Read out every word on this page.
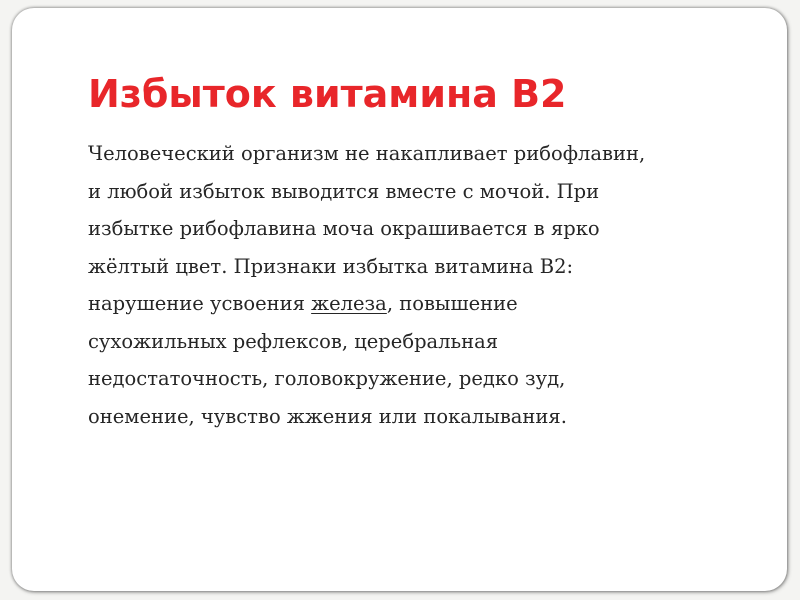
Избыток витамина В2
Человеческий организм не накапливает рибофлавин,
и любой избыток выводится вместе с мочой. При
избытке рибофлавина моча окрашивается в ярко
жёлтый цвет. Признаки избытка витамина В2:
нарушение усвоения железа, повышение
сухожильных рефлексов, церебральная
недостаточность, головокружение, редко зуд,
онемение, чувство жжения или покалывания.
